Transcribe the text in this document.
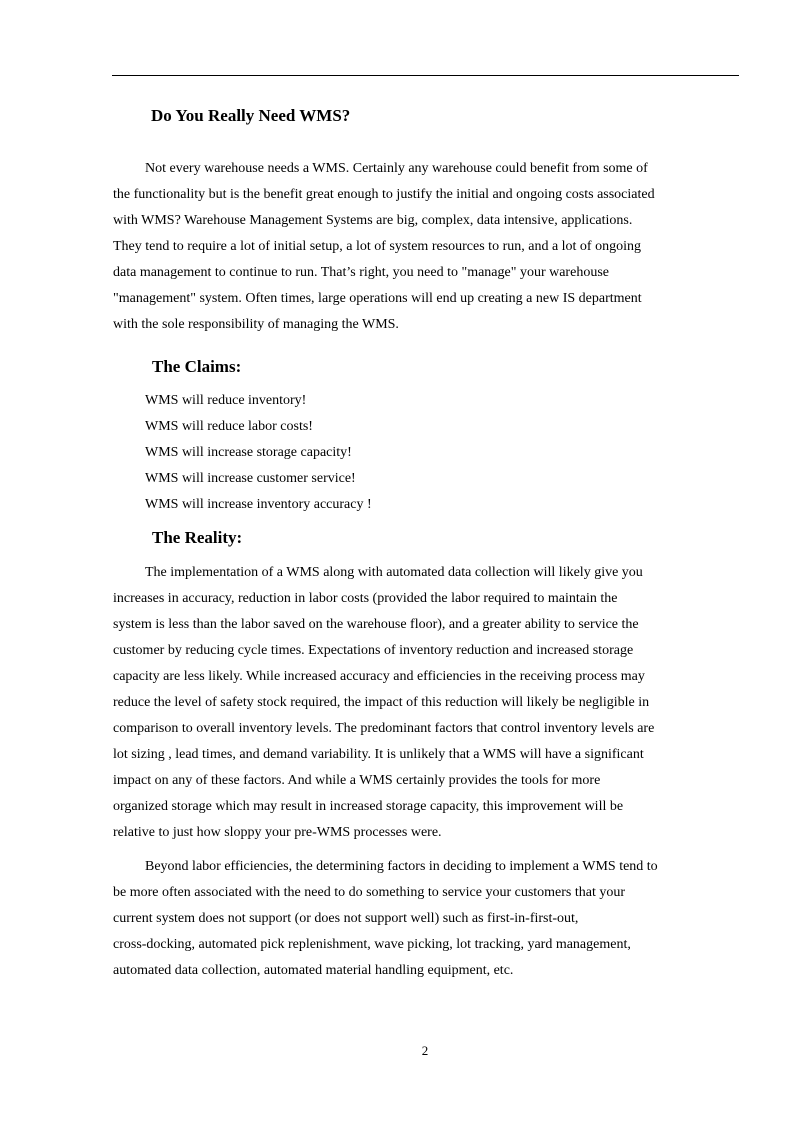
Do You Really Need WMS?

Not every warehouse needs a WMS. Certainly any warehouse could benefit from some of

the functionality but is the benefit great enough to justify the initial and ongoing costs associated

with WMS? Warehouse Management Systems are big, complex, data intensive, applications.

They tend to require a lot of initial setup, a lot of system resources to run, and a lot of ongoing

data management to continue to run. That’s right, you need to "manage" your warehouse

"management" system. Often times, large operations will end up creating a new IS department

with the sole responsibility of managing the WMS.

The Claims:

WMS will reduce inventory!

WMS will reduce labor costs!

WMS will increase storage capacity!

WMS will increase customer service!

WMS will increase inventory accuracy !

The Reality:

The implementation of a WMS along with automated data collection will likely give you

increases in accuracy, reduction in labor costs (provided the labor required to maintain the

system is less than the labor saved on the warehouse floor), and a greater ability to service the

customer by reducing cycle times. Expectations of inventory reduction and increased storage

capacity are less likely. While increased accuracy and efficiencies in the receiving process may

reduce the level of safety stock required, the impact of this reduction will likely be negligible in

comparison to overall inventory levels. The predominant factors that control inventory levels are

lot sizing , lead times, and demand variability. It is unlikely that a WMS will have a significant

impact on any of these factors. And while a WMS certainly provides the tools for more

organized storage which may result in increased storage capacity, this improvement will be

relative to just how sloppy your pre-WMS processes were.

Beyond labor efficiencies, the determining factors in deciding to implement a WMS tend to

be more often associated with the need to do something to service your customers that your

current system does not support (or does not support well) such as first-in-first-out,

cross-docking, automated pick replenishment, wave picking, lot tracking, yard management,

automated data collection, automated material handling equipment, etc.

2
